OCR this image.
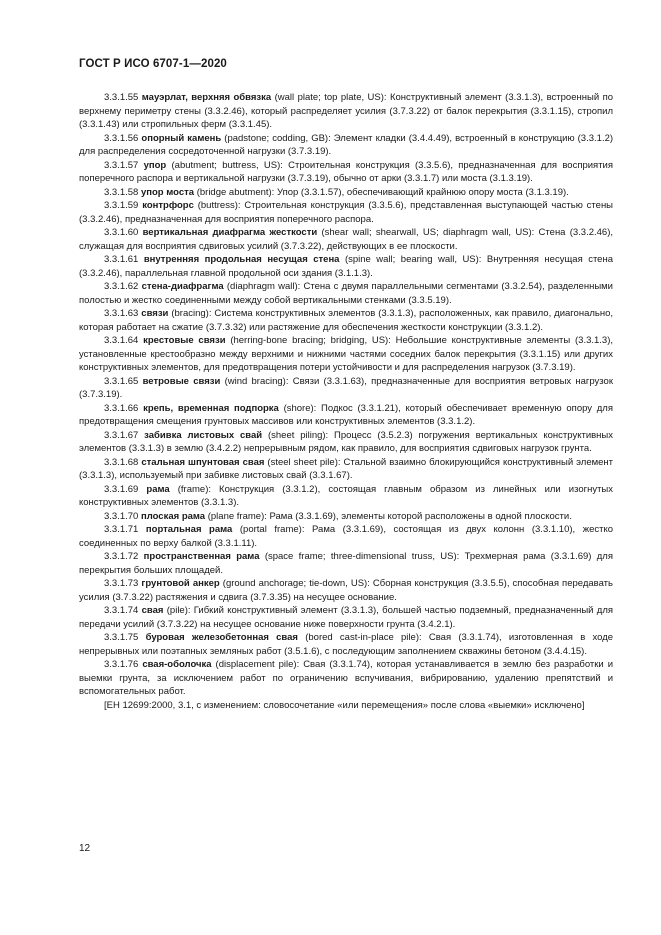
ГОСТ Р ИСО 6707-1—2020

3.3.1.55 мауэрлат, верхняя обвязка (wall plate; top plate, US): Конструктивный элемент (3.3.1.3), встроенный по верхнему периметру стены (3.3.2.46), который распределяет усилия (3.7.3.22) от балок перекрытия (3.3.1.15), стропил (3.3.1.43) или стропильных ферм (3.3.1.45).

3.3.1.56 опорный камень (padstone; codding, GB): Элемент кладки (3.4.4.49), встроенный в конструкцию (3.3.1.2) для распределения сосредоточенной нагрузки (3.7.3.19).

3.3.1.57 упор (abutment; buttress, US): Строительная конструкция (3.3.5.6), предназначенная для восприятия поперечного распора и вертикальной нагрузки (3.7.3.19), обычно от арки (3.3.1.7) или моста (3.1.3.19).

3.3.1.58 упор моста (bridge abutment): Упор (3.3.1.57), обеспечивающий крайнюю опору моста (3.1.3.19).

3.3.1.59 контрфорс (buttress): Строительная конструкция (3.3.5.6), представленная выступающей частью стены (3.3.2.46), предназначенная для восприятия поперечного распора.

3.3.1.60 вертикальная диафрагма жесткости (shear wall; shearwall, US; diaphragm wall, US): Стена (3.3.2.46), служащая для восприятия сдвиговых усилий (3.7.3.22), действующих в ее плоскости.

3.3.1.61 внутренняя продольная несущая стена (spine wall; bearing wall, US): Внутренняя несущая стена (3.3.2.46), параллельная главной продольной оси здания (3.1.1.3).

3.3.1.62 стена-диафрагма (diaphragm wall): Стена с двумя параллельными сегментами (3.3.2.54), разделенными полостью и жестко соединенными между собой вертикальными стенками (3.3.5.19).

3.3.1.63 связи (bracing): Система конструктивных элементов (3.3.1.3), расположенных, как правило, диагонально, которая работает на сжатие (3.7.3.32) или растяжение для обеспечения жесткости конструкции (3.3.1.2).

3.3.1.64 крестовые связи (herring-bone bracing; bridging, US): Небольшие конструктивные элементы (3.3.1.3), установленные крестообразно между верхними и нижними частями соседних балок перекрытия (3.3.1.15) или других конструктивных элементов, для предотвращения потери устойчивости и для распределения нагрузок (3.7.3.19).

3.3.1.65 ветровые связи (wind bracing): Связи (3.3.1.63), предназначенные для восприятия ветровых нагрузок (3.7.3.19).

3.3.1.66 крепь, временная подпорка (shore): Подкос (3.3.1.21), который обеспечивает временную опору для предотвращения смещения грунтовых массивов или конструктивных элементов (3.3.1.2).

3.3.1.67 забивка листовых свай (sheet piling): Процесс (3.5.2.3) погружения вертикальных конструктивных элементов (3.3.1.3) в землю (3.4.2.2) непрерывным рядом, как правило, для восприятия сдвиговых нагрузок грунта.

3.3.1.68 стальная шпунтовая свая (steel sheet pile): Стальной взаимно блокирующийся конструктивный элемент (3.3.1.3), используемый при забивке листовых свай (3.3.1.67).

3.3.1.69 рама (frame): Конструкция (3.3.1.2), состоящая главным образом из линейных или изогнутых конструктивных элементов (3.3.1.3).

3.3.1.70 плоская рама (plane frame): Рама (3.3.1.69), элементы которой расположены в одной плоскости.

3.3.1.71 портальная рама (portal frame): Рама (3.3.1.69), состоящая из двух колонн (3.3.1.10), жестко соединенных по верху балкой (3.3.1.11).

3.3.1.72 пространственная рама (space frame; three-dimensional truss, US): Трехмерная рама (3.3.1.69) для перекрытия больших площадей.

3.3.1.73 грунтовой анкер (ground anchorage; tie-down, US): Сборная конструкция (3.3.5.5), способная передавать усилия (3.7.3.22) растяжения и сдвига (3.7.3.35) на несущее основание.

3.3.1.74 свая (pile): Гибкий конструктивный элемент (3.3.1.3), большей частью подземный, предназначенный для передачи усилий (3.7.3.22) на несущее основание ниже поверхности грунта (3.4.2.1).

3.3.1.75 буровая железобетонная свая (bored cast-in-place pile): Свая (3.3.1.74), изготовленная в ходе непрерывных или поэтапных земляных работ (3.5.1.6), с последующим заполнением скважины бетоном (3.4.4.15).

3.3.1.76 свая-оболочка (displacement pile): Свая (3.3.1.74), которая устанавливается в землю без разработки и выемки грунта, за исключением работ по ограничению вспучивания, вибрированию, удалению препятствий и вспомогательных работ.

[ЕН 12699:2000, 3.1, с изменением: словосочетание «или перемещения» после слова «выемки» исключено]

12
